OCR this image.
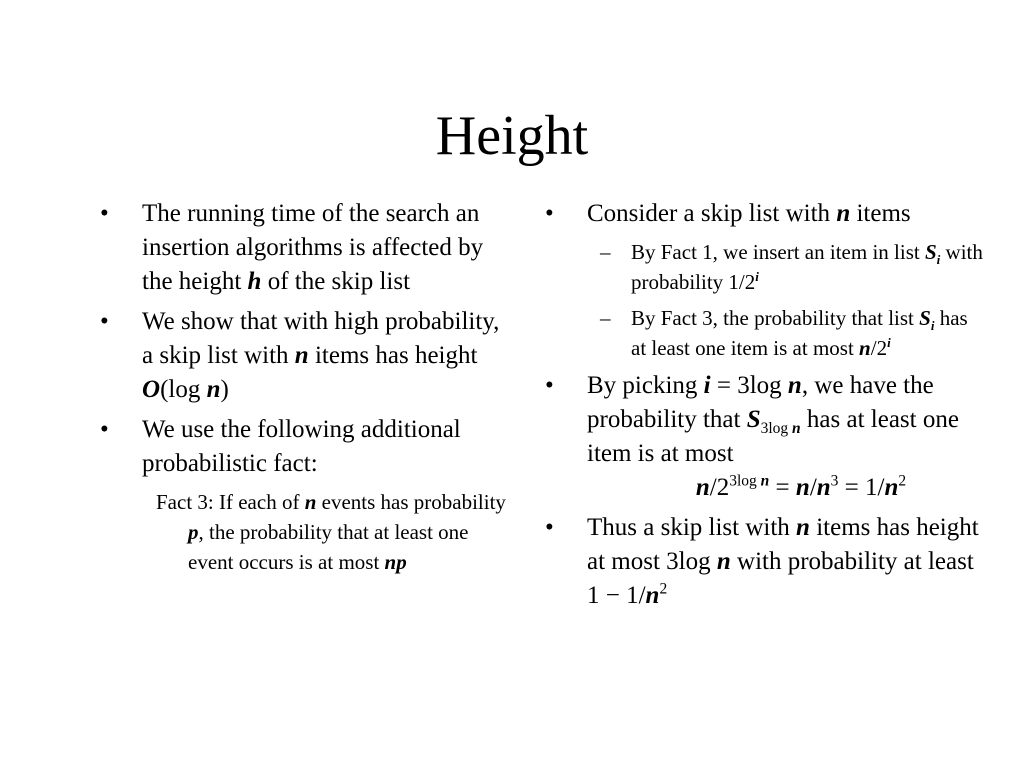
Height
•	The running time of the search an insertion algorithms is affected by the height h of the skip list
•	We show that with high probability, a skip list with n items has height O(log n)
•	We use the following additional probabilistic fact:
Fact 3: If each of n events has probability p, the probability that at least one event occurs is at most np
•	Consider a skip list with n items
– By Fact 1, we insert an item in list $S_i$ with probability 1/2$^i$
– By Fact 3, the probability that list $S_i$ has at least one item is at most n/2$^i$
•	By picking i = 3log n, we have the probability that $S_{3log n}$ has at least one item is at most
$n/2^{3log n} = n/n^3 = 1/n^2$
•	Thus a skip list with n items has height at most 3log n with probability at least $1 - 1/n^2$
